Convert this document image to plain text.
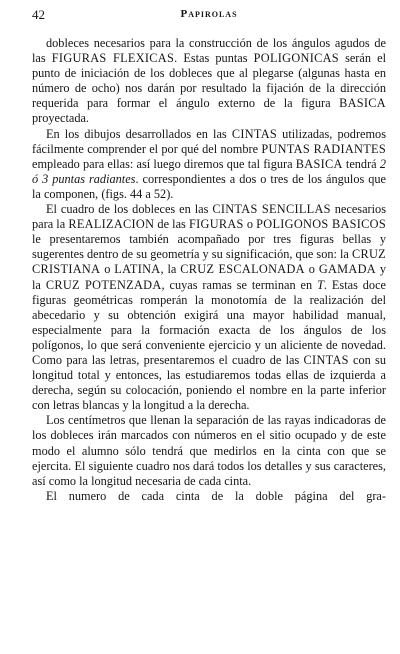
42	Papirolas

dobleces necesarios para la construcción de los ángulos agudos de las FIGURAS FLEXICAS. Estas puntas POLIGONICAS serán el punto de iniciación de los dobleces que al plegarse (algunas hasta en número de ocho) nos darán por resultado la fijación de la dirección requerida para formar el ángulo externo de la figura BASICA proyectada.

En los dibujos desarrollados en las CINTAS utilizadas, podremos fácilmente comprender el por qué del nombre PUNTAS RADIANTES empleado para ellas: así luego diremos que tal figura BASICA tendrá 2 ó 3 puntas radiantes. correspondientes a dos o tres de los ángulos que la componen, (figs. 44 a 52).

El cuadro de los dobleces en las CINTAS SENCILLAS necesarios para la REALIZACION de las FIGURAS o POLIGONOS BASICOS le presentaremos también acompañado por tres figuras bellas y sugerentes dentro de su geometría y su significación, que son: la CRUZ CRISTIANA o LATINA, la CRUZ ESCALONADA o GAMADA y la CRUZ POTENZADA, cuyas ramas se terminan en T. Estas doce figuras geométricas romperán la monotomía de la realización del abecedario y su obtención exigirá una mayor habilidad manual, especialmente para la formación exacta de los ángulos de los polígonos, lo que será conveniente ejercicio y un aliciente de novedad. Como para las letras, presentaremos el cuadro de las CINTAS con su longitud total y entonces, las estudiaremos todas ellas de izquierda a derecha, según su colocación, poniendo el nombre en la parte inferior con letras blancas y la longitud a la derecha.

Los centímetros que llenan la separación de las rayas indicadoras de los dobleces irán marcados con números en el sitio ocupado y de este modo el alumno sólo tendrá que medirlos en la cinta con que se ejercita. El siguiente cuadro nos dará todos los detalles y sus caracteres, así como la longitud necesaria de cada cinta.

El numero de cada cinta de la doble página del gra-
